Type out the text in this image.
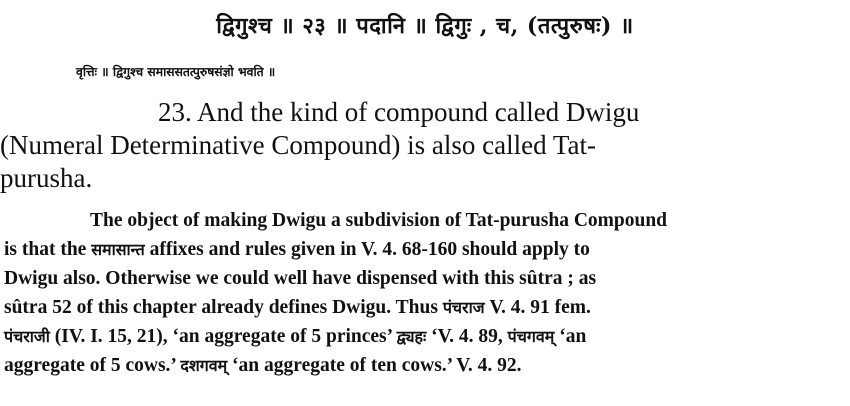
द्विगुश्च ॥ २३ ॥ पदानि ॥ द्विगुः , च, (तत्पुरुषः) ॥
वृत्तिः ॥ द्विगुश्च समाससतत्पुरुषसंज्ञो भवति ॥
23. And the kind of compound called Dwigu
(Numeral Determinative Compound) is also called Tat-
purusha.
The object of making Dwigu a subdivision of Tat-purusha Compound
is that the समासान्त affixes and rules given in V. 4. 68-160 should apply to
Dwigu also. Otherwise we could well have dispensed with this sûtra ; as
sûtra 52 of this chapter already defines Dwigu. Thus पंचराज V. 4. 91 fem.
पंचराजी (IV. I. 15, 21), ‘an aggregate of 5 princes’ द्व्यहः ‘V. 4. 89, पंचगवम् ‘an
aggregate of 5 cows.’ दशगवम् ‘an aggregate of ten cows.’ V. 4. 92.
